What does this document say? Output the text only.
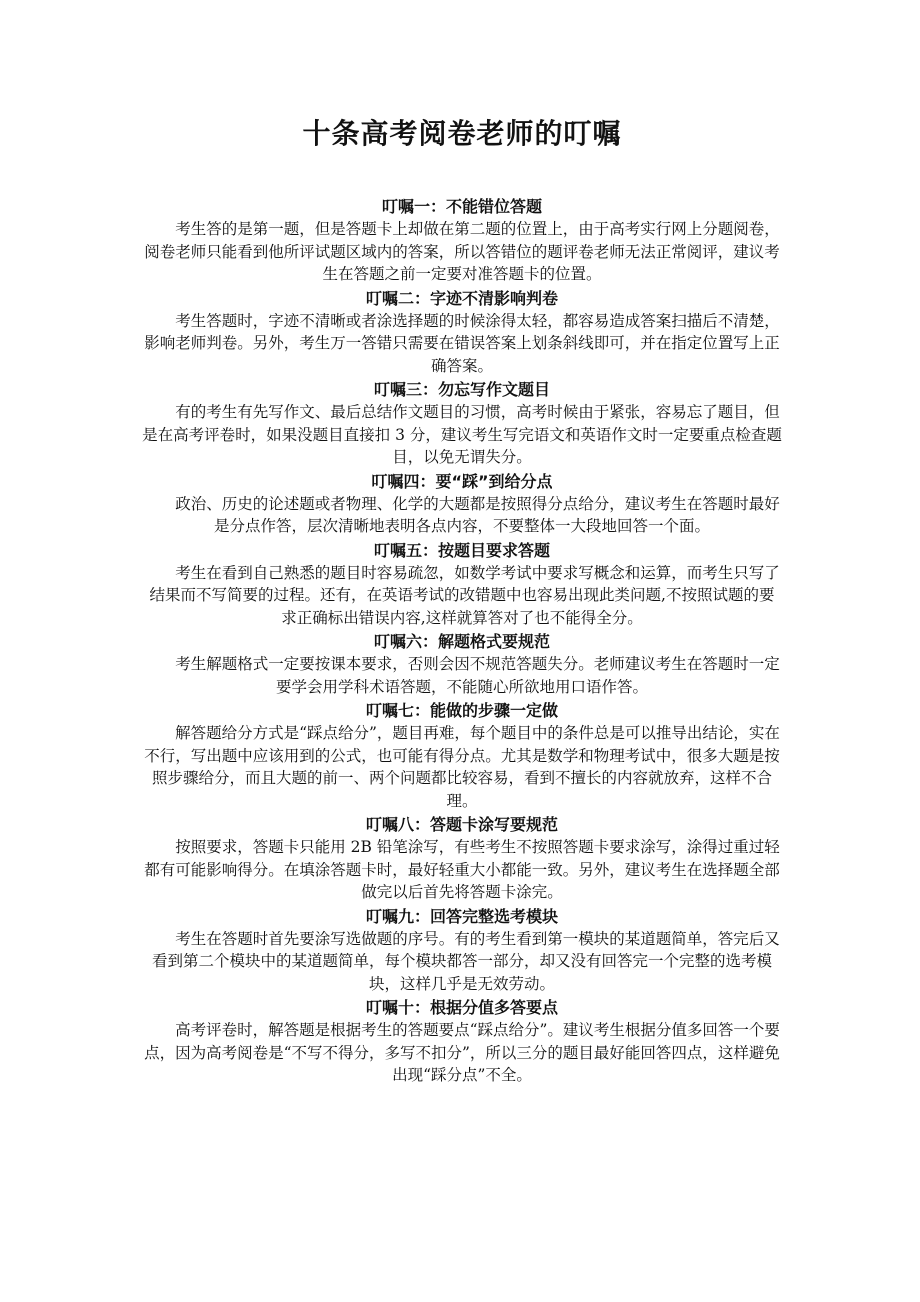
十条高考阅卷老师的叮嘱

叮嘱一：不能错位答题

考生答的是第一题，但是答题卡上却做在第二题的位置上，由于高考实行网上分题阅卷，阅卷老师只能看到他所评试题区域内的答案，所以答错位的题评卷老师无法正常阅评，建议考生在答题之前一定要对准答题卡的位置。

叮嘱二：字迹不清影响判卷

考生答题时，字迹不清晰或者涂选择题的时候涂得太轻，都容易造成答案扫描后不清楚，影响老师判卷。另外，考生万一答错只需要在错误答案上划条斜线即可，并在指定位置写上正确答案。

叮嘱三：勿忘写作文题目

有的考生有先写作文、最后总结作文题目的习惯，高考时候由于紧张，容易忘了题目，但是在高考评卷时，如果没题目直接扣 3 分，建议考生写完语文和英语作文时一定要重点检查题目，以免无谓失分。

叮嘱四：要“踩”到给分点

政治、历史的论述题或者物理、化学的大题都是按照得分点给分，建议考生在答题时最好是分点作答，层次清晰地表明各点内容，不要整体一大段地回答一个面。

叮嘱五：按题目要求答题

考生在看到自己熟悉的题目时容易疏忽，如数学考试中要求写概念和运算，而考生只写了结果而不写简要的过程。还有，在英语考试的改错题中也容易出现此类问题,不按照试题的要求正确标出错误内容,这样就算答对了也不能得全分。

叮嘱六：解题格式要规范

考生解题格式一定要按课本要求，否则会因不规范答题失分。老师建议考生在答题时一定要学会用学科术语答题，不能随心所欲地用口语作答。

叮嘱七：能做的步骤一定做

解答题给分方式是“踩点给分”，题目再难，每个题目中的条件总是可以推导出结论，实在不行，写出题中应该用到的公式，也可能有得分点。尤其是数学和物理考试中，很多大题是按照步骤给分，而且大题的前一、两个问题都比较容易，看到不擅长的内容就放弃，这样不合理。

叮嘱八：答题卡涂写要规范

按照要求，答题卡只能用 2B 铅笔涂写，有些考生不按照答题卡要求涂写，涂得过重过轻都有可能影响得分。在填涂答题卡时，最好轻重大小都能一致。另外，建议考生在选择题全部做完以后首先将答题卡涂完。

叮嘱九：回答完整选考模块

考生在答题时首先要涂写选做题的序号。有的考生看到第一模块的某道题简单，答完后又看到第二个模块中的某道题简单，每个模块都答一部分，却又没有回答完一个完整的选考模块，这样几乎是无效劳动。

叮嘱十：根据分值多答要点

高考评卷时，解答题是根据考生的答题要点“踩点给分”。建议考生根据分值多回答一个要点，因为高考阅卷是“不写不得分，多写不扣分”，所以三分的题目最好能回答四点，这样避免出现“踩分点”不全。
